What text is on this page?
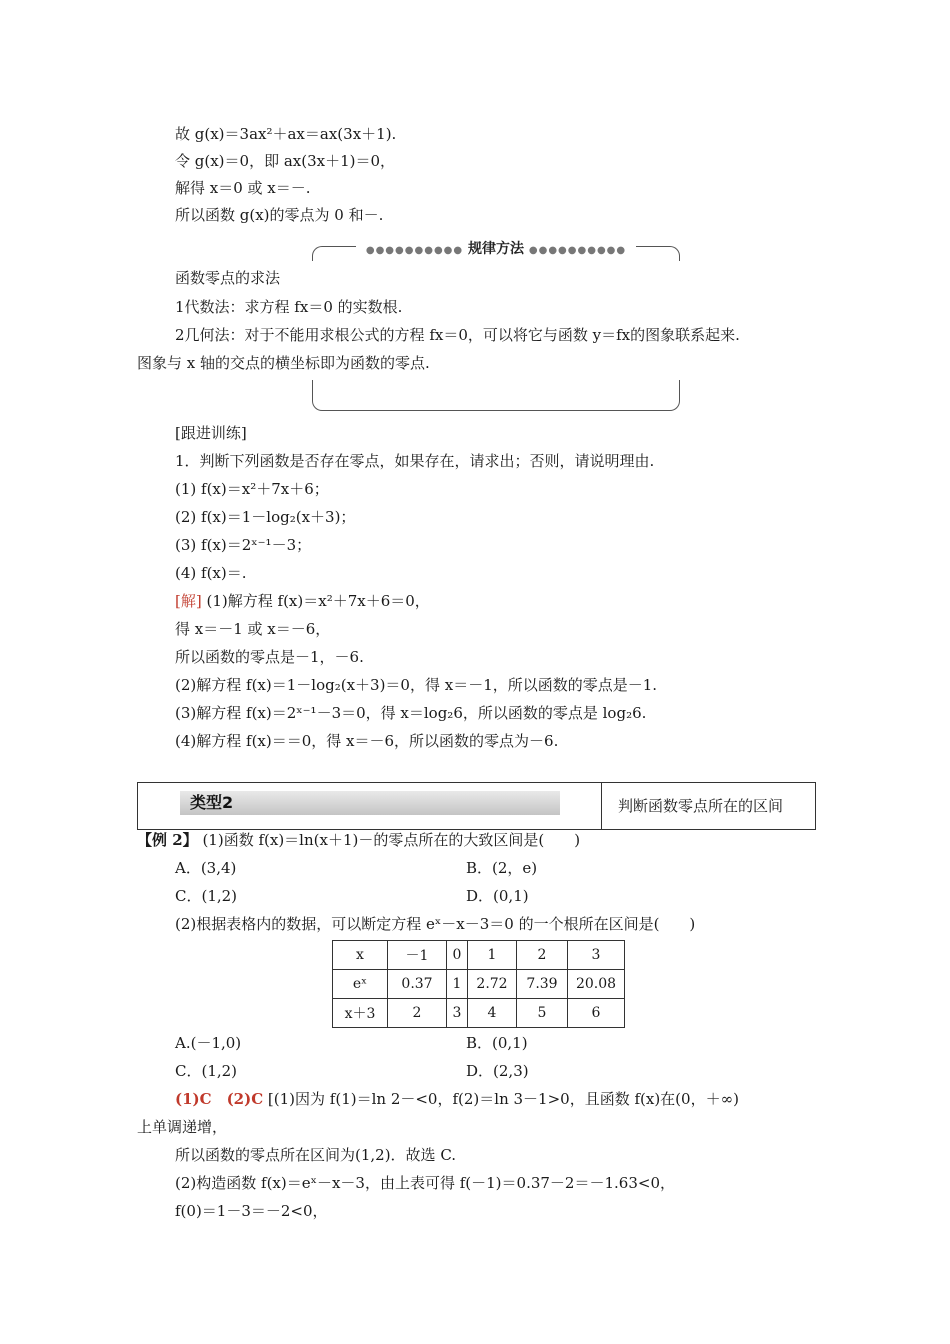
故 g(x)＝3ax²＋ax＝ax(3x＋1).
令 g(x)＝0，即 ax(3x＋1)＝0，
解得 x＝0 或 x＝－.
所以函数 g(x)的零点为 0 和－.
●●●●●●●●●● 规律方法 ●●●●●●●●●●
函数零点的求法
1代数法：求方程 fx＝0 的实数根.
2几何法：对于不能用求根公式的方程 fx＝0，可以将它与函数 y＝fx的图象联系起来.
图象与 x 轴的交点的横坐标即为函数的零点.
[跟进训练]
1．判断下列函数是否存在零点，如果存在，请求出；否则，请说明理由.
(1) f(x)＝x²＋7x＋6；
(2) f(x)＝1－log₂(x＋3)；
(3) f(x)＝2ˣ⁻¹－3；
(4) f(x)＝.
[解] (1)解方程 f(x)＝x²＋7x＋6＝0，
得 x＝－1 或 x＝－6，
所以函数的零点是－1，－6.
(2)解方程 f(x)＝1－log₂(x＋3)＝0，得 x＝－1，所以函数的零点是－1.
(3)解方程 f(x)＝2ˣ⁻¹－3＝0，得 x＝log₂6，所以函数的零点是 log₂6.
(4)解方程 f(x)＝＝0，得 x＝－6，所以函数的零点为－6.
类型2	判断函数零点所在的区间
【例 2】 (1)函数 f(x)＝ln(x＋1)－的零点所在的大致区间是(　　)
A．(3,4)	B．(2，e)
C．(1,2)	D．(0,1)
(2)根据表格内的数据，可以断定方程 eˣ－x－3＝0 的一个根所在区间是(　　)
x	－1	0	1	2	3
eˣ	0.37	1	2.72	7.39	20.08
x＋3	2	3	4	5	6
A.(－1,0)	B．(0,1)
C．(1,2)	D．(2,3)
(1)C　(2)C [(1)因为 f(1)＝ln 2－<0，f(2)＝ln 3－1>0，且函数 f(x)在(0，＋∞)
上单调递增，
所以函数的零点所在区间为(1,2)．故选 C.
(2)构造函数 f(x)＝eˣ－x－3，由上表可得 f(－1)＝0.37－2＝－1.63<0，
f(0)＝1－3＝－2<0，
